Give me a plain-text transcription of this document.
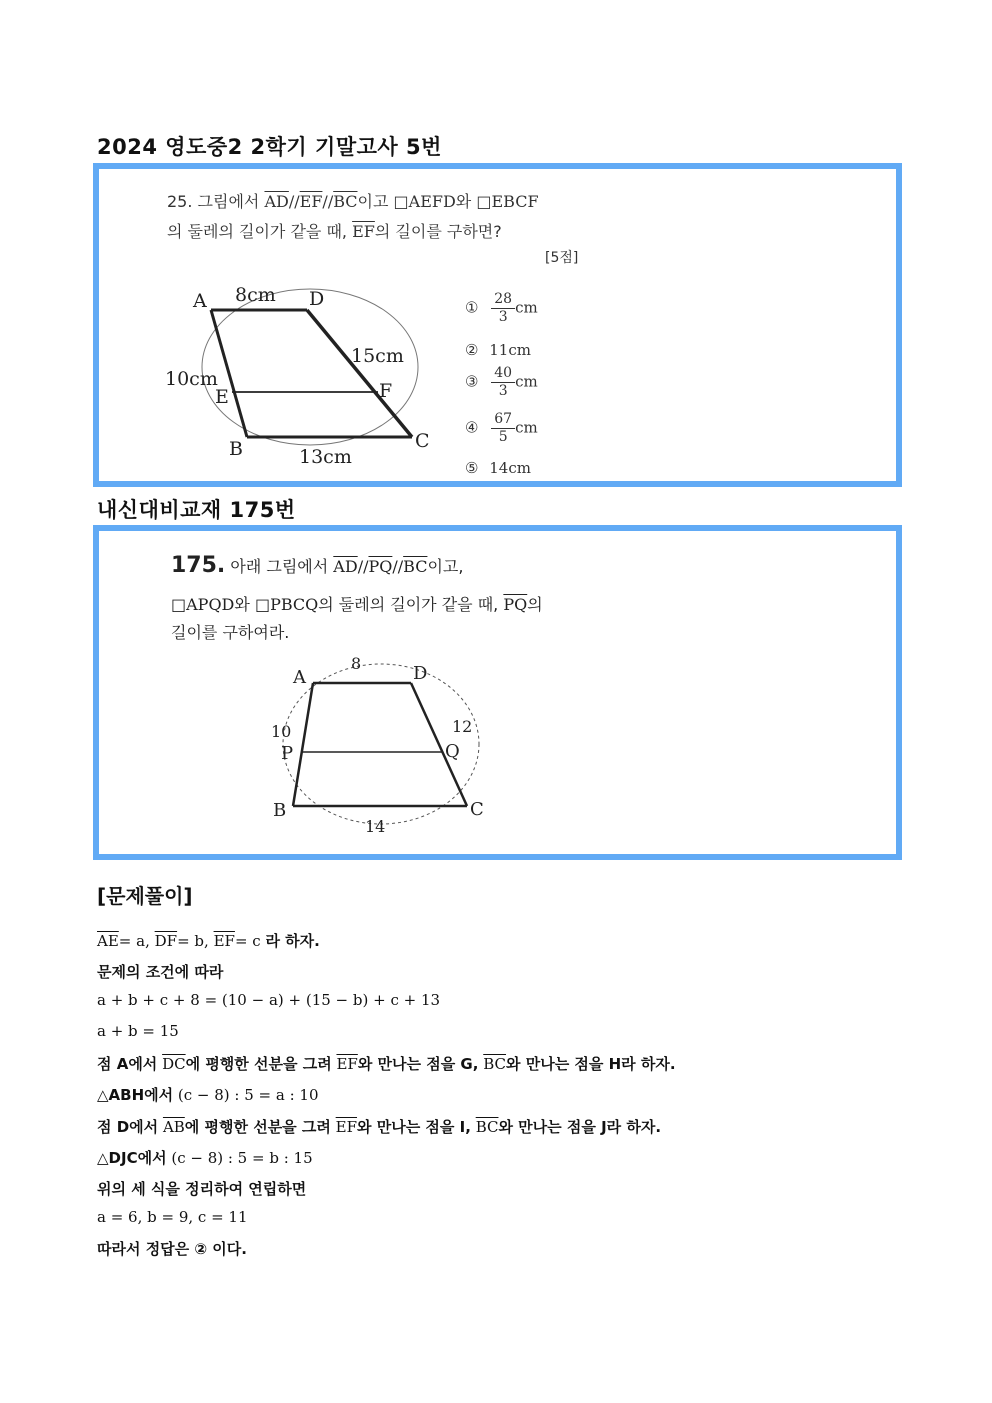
2024 영도중2 2학기 기말고사 5번
25. 그림에서 $\overline{AD}//\overline{EF}//\overline{BC}$이고 □AEFD와 □EBCF
의 둘레의 길이가 같을 때, $\overline{EF}$의 길이를 구하면?
[5점]
A	D
E	F
B	C
8cm
10cm
15cm
13cm
① $\frac{28}{3}$ cm
② 11cm
③ $\frac{40}{3}$ cm
④ $\frac{67}{5}$ cm
⑤ 14cm
내신대비교재 175번
175. 아래 그림에서 $\overline{AD}//\overline{PQ}//\overline{BC}$이고,
□APQD와 □PBCQ의 둘레의 길이가 같을 때, $\overline{PQ}$의
길이를 구하여라.
A	D
P	Q
B	C
8
10	12
14
[문제풀이]
$\overline{AE}= a$, $\overline{DF}= b$, $\overline{EF}= c$ 라 하자.
문제의 조건에 따라
a + b + c + 8 = (10 − a) + (15 − b) + c + 13
a + b = 15
점 A에서 $\overline{DC}$에 평행한 선분을 그려 $\overline{EF}$와 만나는 점을 G, $\overline{BC}$와 만나는 점을 H라 하자.
△ABH에서 (c − 8) : 5 = a : 10
점 D에서 $\overline{AB}$에 평행한 선분을 그려 $\overline{EF}$와 만나는 점을 I, $\overline{BC}$와 만나는 점을 J라 하자.
△DJC에서 (c − 8) : 5 = b : 15
위의 세 식을 정리하여 연립하면
a = 6, b = 9, c = 11
따라서 정답은 ② 이다.
